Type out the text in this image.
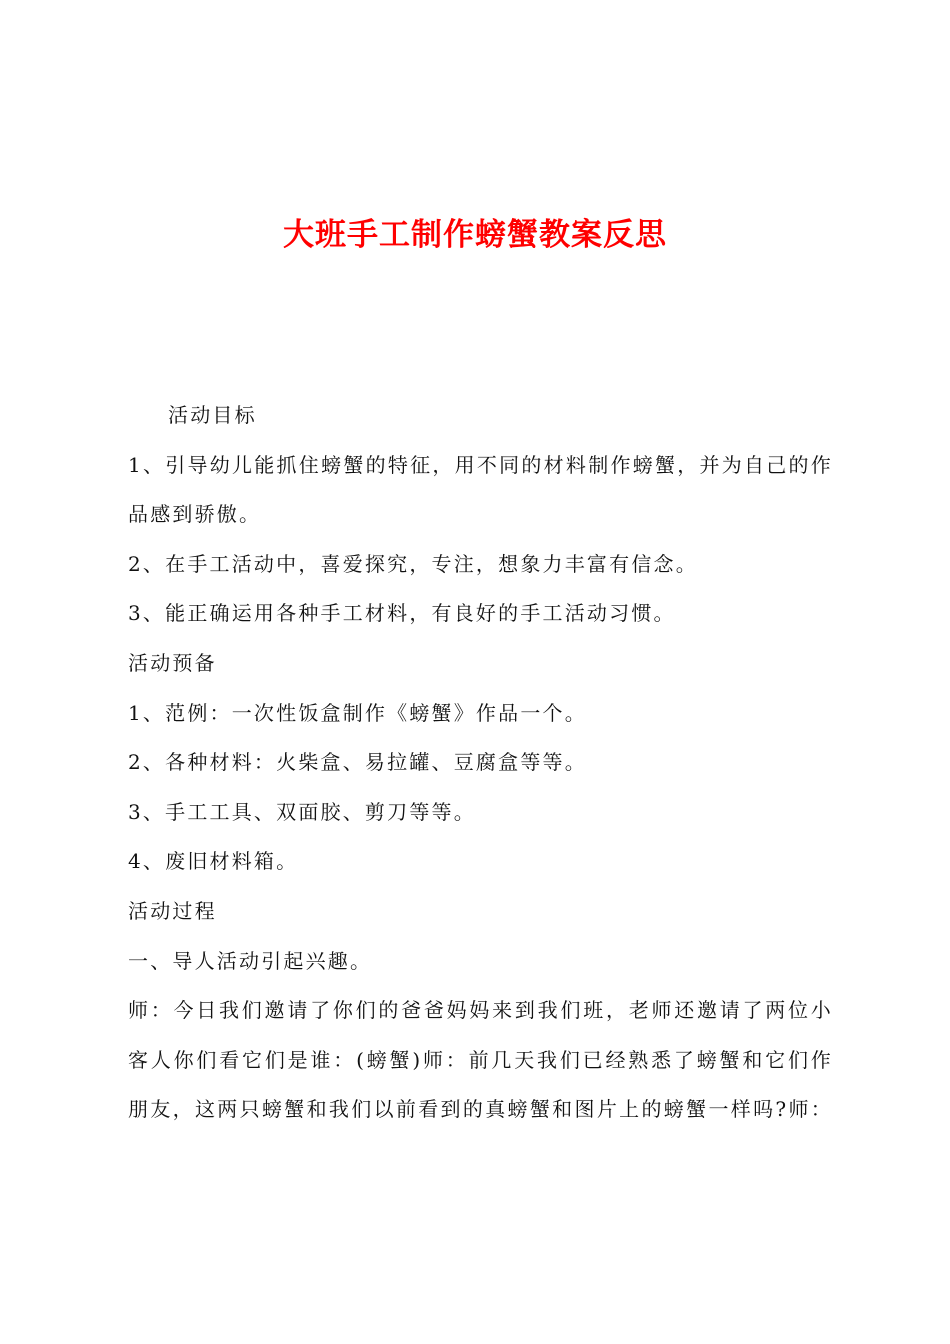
大班手工制作螃蟹教案反思

活动目标

1、引导幼儿能抓住螃蟹的特征，用不同的材料制作螃蟹，并为自己的作品感到骄傲。

2、在手工活动中，喜爱探究，专注，想象力丰富有信念。

3、能正确运用各种手工材料，有良好的手工活动习惯。

活动预备

1、范例：一次性饭盒制作《螃蟹》作品一个。

2、各种材料：火柴盒、易拉罐、豆腐盒等等。

3、手工工具、双面胶、剪刀等等。

4、废旧材料箱。

活动过程

一、导人活动引起兴趣。

师：今日我们邀请了你们的爸爸妈妈来到我们班，老师还邀请了两位小客人你们看它们是谁：(螃蟹)师：前几天我们已经熟悉了螃蟹和它们作朋友，这两只螃蟹和我们以前看到的真螃蟹和图片上的螃蟹一样吗?师：
